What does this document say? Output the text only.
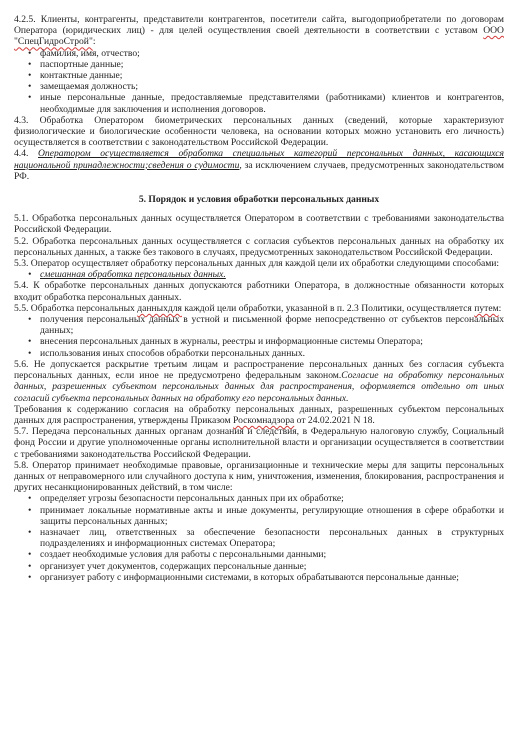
4.2.5. Клиенты, контрагенты, представители контрагентов, посетители сайта, выгодоприобретатели по договорам Оператора (юридических лиц) - для целей осуществления своей деятельности в соответствии с уставом ООО "СпецГидроСтрой":

• фамилия, имя, отчество;
• паспортные данные;
• контактные данные;
• замещаемая должность;
• иные персональные данные, предоставляемые представителями (работниками) клиентов и контрагентов, необходимые для заключения и исполнения договоров.

4.3. Обработка Оператором биометрических персональных данных (сведений, которые характеризуют физиологические и биологические особенности человека, на основании которых можно установить его личность) осуществляется в соответствии с законодательством Российской Федерации.

4.4. Оператором осуществляется обработка специальных категорий персональных данных, касающихся национальной принадлежности;сведения о судимости, за исключением случаев, предусмотренных законодательством РФ.

5. Порядок и условия обработки персональных данных

5.1. Обработка персональных данных осуществляется Оператором в соответствии с требованиями законодательства Российской Федерации.

5.2. Обработка персональных данных осуществляется с согласия субъектов персональных данных на обработку их персональных данных, а также без такового в случаях, предусмотренных законодательством Российской Федерации.

5.3. Оператор осуществляет обработку персональных данных для каждой цели их обработки следующими способами:

• смешанная обработка персональных данных.

5.4. К обработке персональных данных допускаются работники Оператора, в должностные обязанности которых входит обработка персональных данных.

5.5. Обработка персональных данныхдля каждой цели обработки, указанной в п. 2.3 Политики, осуществляется путем:

• получения персональных данных в устной и письменной форме непосредственно от субъектов персональных данных;
• внесения персональных данных в журналы, реестры и информационные системы Оператора;
• использования иных способов обработки персональных данных.

5.6. Не допускается раскрытие третьим лицам и распространение персональных данных без согласия субъекта персональных данных, если иное не предусмотрено федеральным законом.Согласие на обработку персональных данных, разрешенных субъектом персональных данных для распространения, оформляется отдельно от иных согласий субъекта персональных данных на обработку его персональных данных.

Требования к содержанию согласия на обработку персональных данных, разрешенных субъектом персональных данных для распространения, утверждены Приказом Роскомнадзора от 24.02.2021 N 18.

5.7. Передача персональных данных органам дознания и следствия, в Федеральную налоговую службу, Социальный фонд России и другие уполномоченные органы исполнительной власти и организации осуществляется в соответствии с требованиями законодательства Российской Федерации.

5.8. Оператор принимает необходимые правовые, организационные и технические меры для защиты персональных данных от неправомерного или случайного доступа к ним, уничтожения, изменения, блокирования, распространения и других несанкционированных действий, в том числе:

• определяет угрозы безопасности персональных данных при их обработке;
• принимает локальные нормативные акты и иные документы, регулирующие отношения в сфере обработки и защиты персональных данных;
• назначает лиц, ответственных за обеспечение безопасности персональных данных в структурных подразделениях и информационных системах Оператора;
• создает необходимые условия для работы с персональными данными;
• организует учет документов, содержащих персональные данные;
• организует работу с информационными системами, в которых обрабатываются персональные данные;
